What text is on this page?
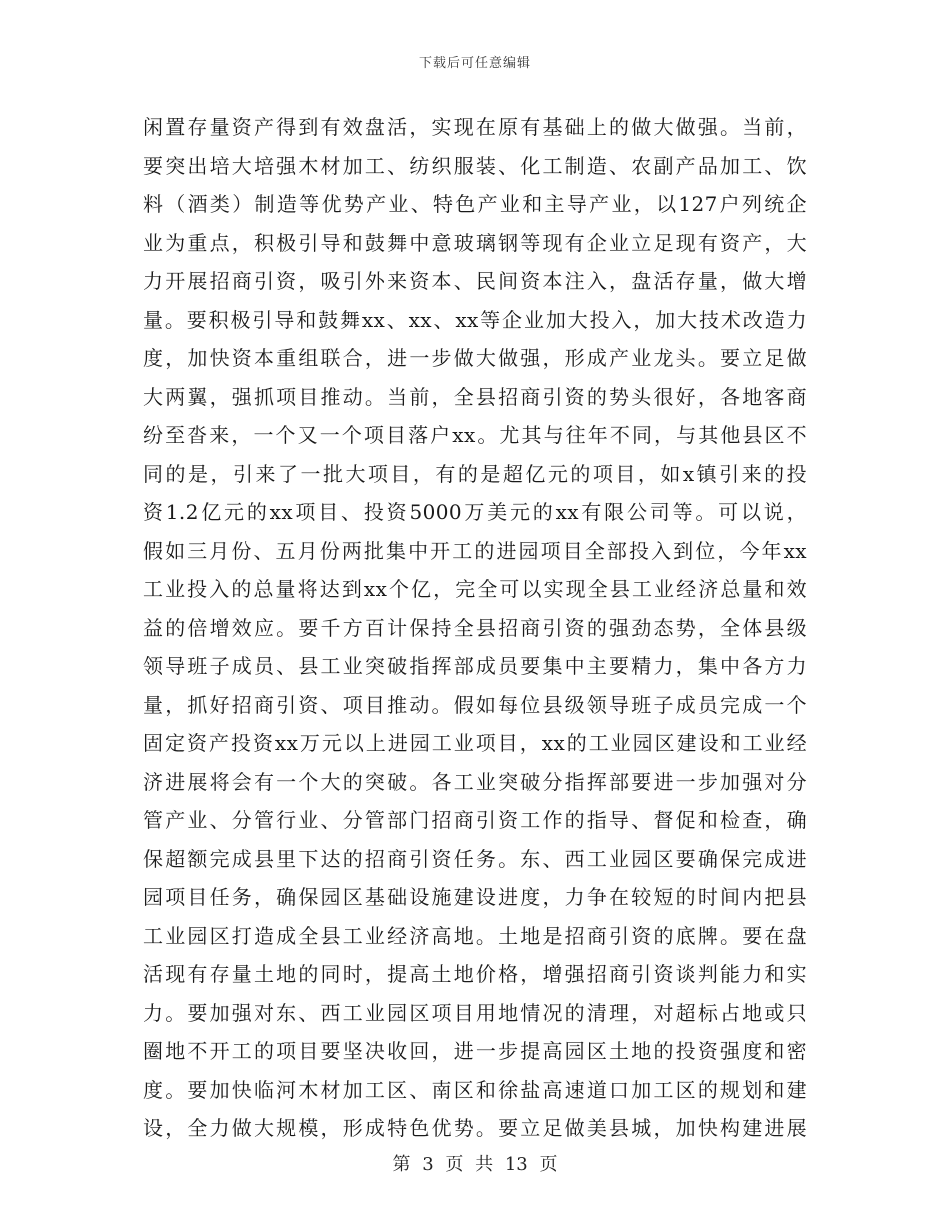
下载后可任意编辑
闲置存量资产得到有效盘活，实现在原有基础上的做大做强。当前，
要突出培大培强木材加工、纺织服装、化工制造、农副产品加工、饮
料（酒类）制造等优势产业、特色产业和主导产业，以127户列统企
业为重点，积极引导和鼓舞中意玻璃钢等现有企业立足现有资产，大
力开展招商引资，吸引外来资本、民间资本注入，盘活存量，做大增
量。要积极引导和鼓舞xx、xx、xx等企业加大投入，加大技术改造力
度，加快资本重组联合，进一步做大做强，形成产业龙头。要立足做
大两翼，强抓项目推动。当前，全县招商引资的势头很好，各地客商
纷至沓来，一个又一个项目落户xx。尤其与往年不同，与其他县区不
同的是，引来了一批大项目，有的是超亿元的项目，如x镇引来的投
资1.2亿元的xx项目、投资5000万美元的xx有限公司等。可以说，
假如三月份、五月份两批集中开工的进园项目全部投入到位，今年xx
工业投入的总量将达到xx个亿，完全可以实现全县工业经济总量和效
益的倍增效应。要千方百计保持全县招商引资的强劲态势，全体县级
领导班子成员、县工业突破指挥部成员要集中主要精力，集中各方力
量，抓好招商引资、项目推动。假如每位县级领导班子成员完成一个
固定资产投资xx万元以上进园工业项目，xx的工业园区建设和工业经
济进展将会有一个大的突破。各工业突破分指挥部要进一步加强对分
管产业、分管行业、分管部门招商引资工作的指导、督促和检查，确
保超额完成县里下达的招商引资任务。东、西工业园区要确保完成进
园项目任务，确保园区基础设施建设进度，力争在较短的时间内把县
工业园区打造成全县工业经济高地。土地是招商引资的底牌。要在盘
活现有存量土地的同时，提高土地价格，增强招商引资谈判能力和实
力。要加强对东、西工业园区项目用地情况的清理，对超标占地或只
圈地不开工的项目要坚决收回，进一步提高园区土地的投资强度和密
度。要加快临河木材加工区、南区和徐盐高速道口加工区的规划和建
设，全力做大规模，形成特色优势。要立足做美县城，加快构建进展
第 3 页 共 13 页
